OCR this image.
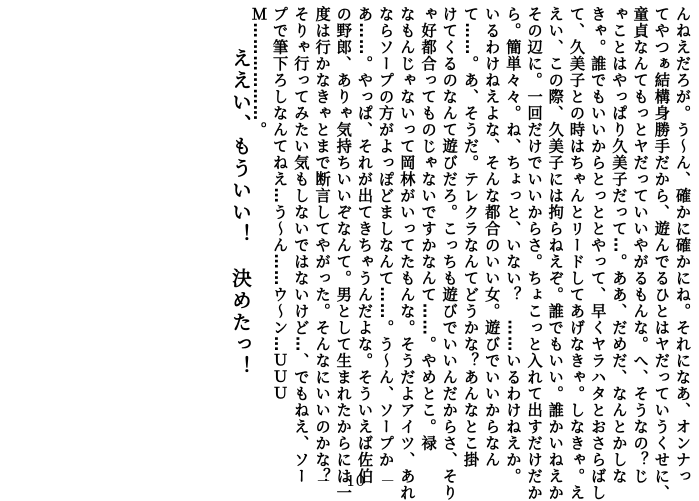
んねえだろが。う～ん、確かに確かにね。それになあ、オンナっ
てやつぁ結構身勝手だから、遊んでるひとはヤだっていうくせに、
童貞なんてもっとヤだっていいやがるもんな。へ、そうなの？じ
ゃことはやっぱり久美子だって…。ああ、だめだ、なんとかしな
きゃ。誰でもいいからとっととやって、早くヤラハタとおさらばし
て、久美子との時はちゃんとリードしてあげなきゃ。しなきゃ。え
えい、この際、久美子には拘らねえぞ。誰でもいい。誰かいねえか
その辺に。一回だけでいいからさ。ちょこっと入れて出すだけだか
ら。簡単々々。ね、ちょっと、いない？　……いるわけねえか。
いるわけねえよな、そんな都合のいい女。遊びでいいからなん
て……。あ、そうだ。テレクラなんてどうかな？あんなとこ掛
けてくるのなんて遊びだろ。こっちも遊びでいいんだからさ、そり
ゃ好都合ってものじゃないですかなんて……。やめとこ。禄
なもんじゃないって岡林がいってたもんな。そうだよアイツ、あれ
ならソープの方がよっぽどましなんて……。う～ん、ソープか
あ……。やっぱ、それが出てきちゃうんだよな。そういえば佐伯
の野郎、ありゃ気持ちいいぞなんて。男として生まれたからには一
度は行かなきゃとまで断言してやがった。そんなにいいのかな？
そりゃ行ってみたい気もしないではないけど…、でもねえ、ソー
プで筆下ろしなんてねえ…う～ん……ウ～ン…ＵＵＵ
Ｍ………………。
ええい、もういい！　決めたっ！
－　10　－
